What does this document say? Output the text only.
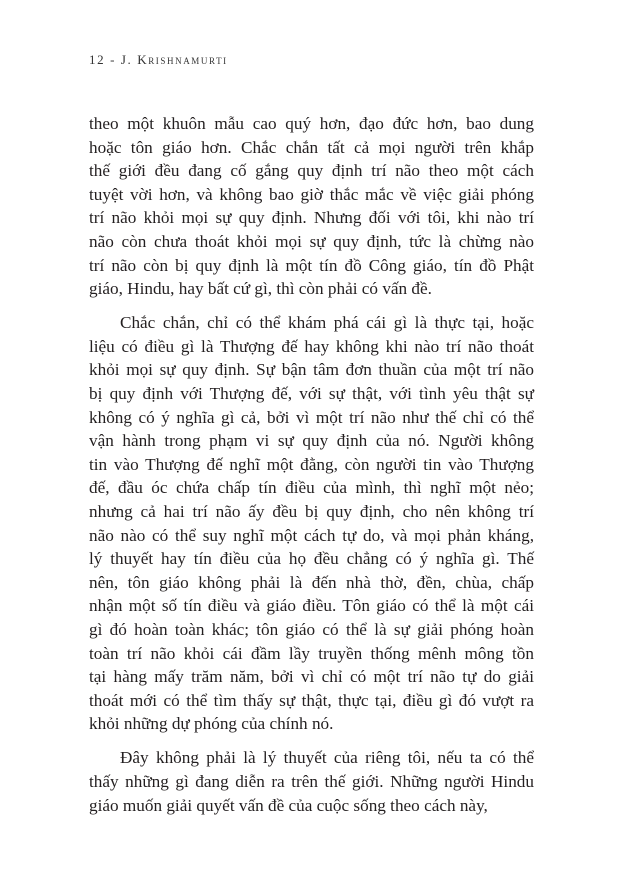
12 - J. Krishnamurti
theo một khuôn mẫu cao quý hơn, đạo đức hơn, bao dung
hoặc tôn giáo hơn. Chắc chắn tất cả mọi người trên khắp
thế giới đều đang cố gắng quy định trí não theo một cách
tuyệt vời hơn, và không bao giờ thắc mắc về việc giải phóng
trí não khỏi mọi sự quy định. Nhưng đối với tôi, khi nào trí
não còn chưa thoát khỏi mọi sự quy định, tức là chừng nào
trí não còn bị quy định là một tín đồ Công giáo, tín đồ Phật
giáo, Hindu, hay bất cứ gì, thì còn phải có vấn đề.
Chắc chắn, chỉ có thể khám phá cái gì là thực tại, hoặc
liệu có điều gì là Thượng đế hay không khi nào trí não thoát
khỏi mọi sự quy định. Sự bận tâm đơn thuần của một trí não
bị quy định với Thượng đế, với sự thật, với tình yêu thật sự
không có ý nghĩa gì cả, bởi vì một trí não như thế chỉ có thể
vận hành trong phạm vi sự quy định của nó. Người không
tin vào Thượng đế nghĩ một đằng, còn người tin vào Thượng
đế, đầu óc chứa chấp tín điều của mình, thì nghĩ một nẻo;
nhưng cả hai trí não ấy đều bị quy định, cho nên không trí
não nào có thể suy nghĩ một cách tự do, và mọi phản kháng,
lý thuyết hay tín điều của họ đều chẳng có ý nghĩa gì. Thế
nên, tôn giáo không phải là đến nhà thờ, đền, chùa, chấp
nhận một số tín điều và giáo điều. Tôn giáo có thể là một cái
gì đó hoàn toàn khác; tôn giáo có thể là sự giải phóng hoàn
toàn trí não khỏi cái đầm lầy truyền thống mênh mông tồn
tại hàng mấy trăm năm, bởi vì chỉ có một trí não tự do giải
thoát mới có thể tìm thấy sự thật, thực tại, điều gì đó vượt ra
khỏi những dự phóng của chính nó.
Đây không phải là lý thuyết của riêng tôi, nếu ta có thể
thấy những gì đang diễn ra trên thế giới. Những người Hindu
giáo muốn giải quyết vấn đề của cuộc sống theo cách này,
